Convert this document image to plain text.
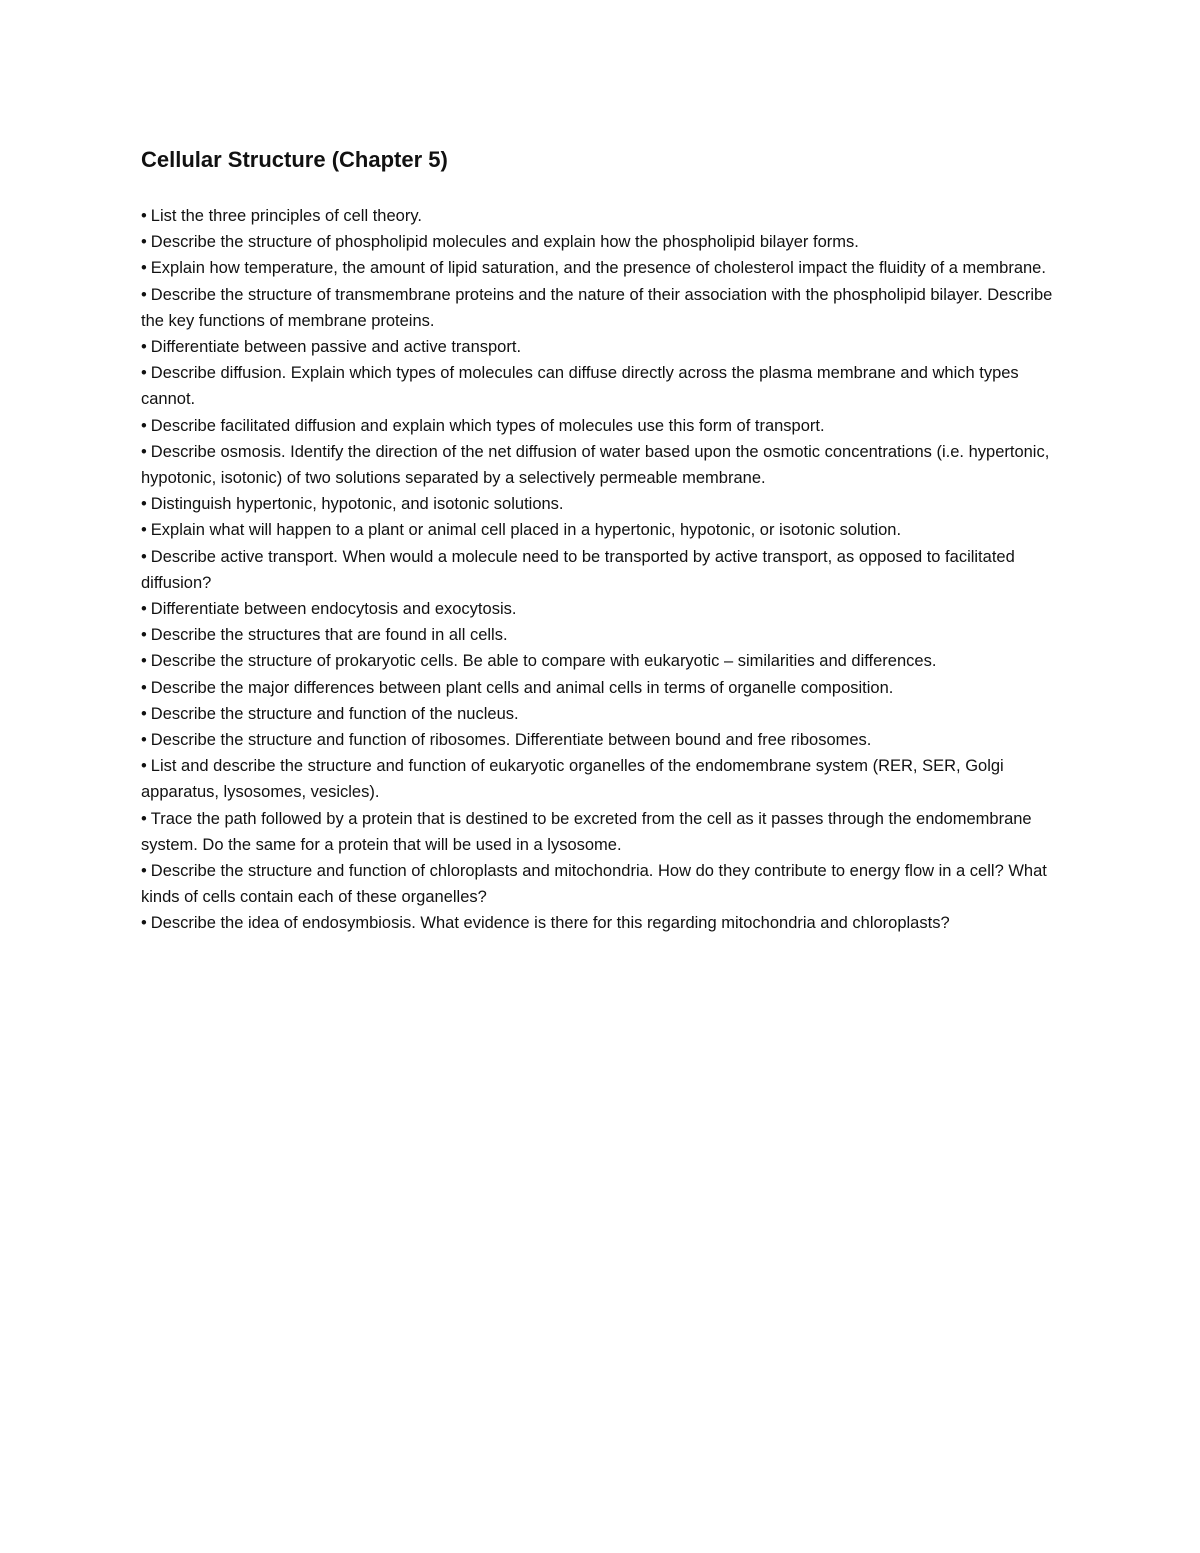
Cellular Structure (Chapter 5)
• List the three principles of cell theory.
• Describe the structure of phospholipid molecules and explain how the phospholipid bilayer forms.
• Explain how temperature, the amount of lipid saturation, and the presence of cholesterol impact the fluidity of a membrane.
• Describe the structure of transmembrane proteins and the nature of their association with the phospholipid bilayer. Describe the key functions of membrane proteins.
• Differentiate between passive and active transport.
• Describe diffusion. Explain which types of molecules can diffuse directly across the plasma membrane and which types cannot.
• Describe facilitated diffusion and explain which types of molecules use this form of transport.
• Describe osmosis. Identify the direction of the net diffusion of water based upon the osmotic concentrations (i.e. hypertonic, hypotonic, isotonic) of two solutions separated by a selectively permeable membrane.
• Distinguish hypertonic, hypotonic, and isotonic solutions.
• Explain what will happen to a plant or animal cell placed in a hypertonic, hypotonic, or isotonic solution.
• Describe active transport. When would a molecule need to be transported by active transport, as opposed to facilitated diffusion?
• Differentiate between endocytosis and exocytosis.
• Describe the structures that are found in all cells.
• Describe the structure of prokaryotic cells. Be able to compare with eukaryotic – similarities and differences.
• Describe the major differences between plant cells and animal cells in terms of organelle composition.
• Describe the structure and function of the nucleus.
• Describe the structure and function of ribosomes. Differentiate between bound and free ribosomes.
• List and describe the structure and function of eukaryotic organelles of the endomembrane system (RER, SER, Golgi apparatus, lysosomes, vesicles).
• Trace the path followed by a protein that is destined to be excreted from the cell as it passes through the endomembrane system. Do the same for a protein that will be used in a lysosome.
• Describe the structure and function of chloroplasts and mitochondria. How do they contribute to energy flow in a cell? What kinds of cells contain each of these organelles?
• Describe the idea of endosymbiosis. What evidence is there for this regarding mitochondria and chloroplasts?
